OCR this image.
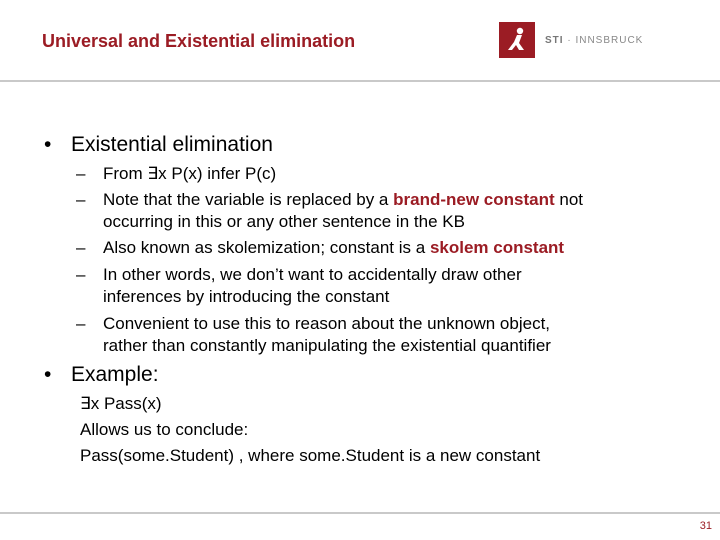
Universal and Existential elimination	STI · INNSBRUCK
• Existential elimination
– From ∃x P(x) infer P(c)
– Note that the variable is replaced by a brand-new constant not
occurring in this or any other sentence in the KB
– Also known as skolemization; constant is a skolem constant
– In other words, we don’t want to accidentally draw other
inferences by introducing the constant
– Convenient to use this to reason about the unknown object,
rather than constantly manipulating the existential quantifier
• Example:
∃x Pass(x)
Allows us to conclude:
Pass(some.Student) , where some.Student is a new constant
31
